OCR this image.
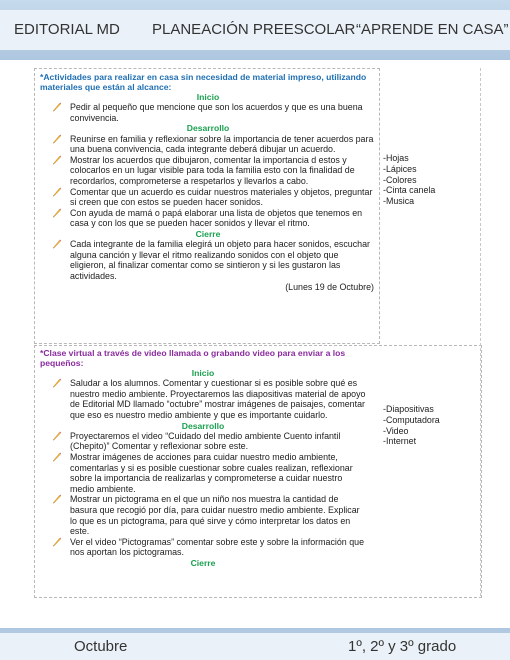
EDITORIAL MD PLANEACIÓN PREESCOLAR “APRENDE EN CASA”
*Actividades para realizar en casa sin necesidad de material impreso, utilizando materiales que están al alcance:
Inicio
Pedir al pequeño que mencione que son los acuerdos y que es una buena convivencia.
Desarrollo
Reunirse en familia y reflexionar sobre la importancia de tener acuerdos para una buena convivencia, cada integrante deberá dibujar un acuerdo.
Mostrar los acuerdos que dibujaron, comentar la importancia d estos y colocarlos en un lugar visible para toda la familia esto con la finalidad de recordarlos, comprometerse a respetarlos y llevarlos a cabo.
Comentar que un acuerdo es cuidar nuestros materiales y objetos, preguntar si creen que con estos se pueden hacer sonidos.
Con ayuda de mamá o papá elaborar una lista de objetos que tenemos en casa y con los que se pueden hacer sonidos y llevar el ritmo.
Cierre
Cada integrante de la familia elegirá un objeto para hacer sonidos, escuchar alguna canción y llevar el ritmo realizando sonidos con el objeto que eligieron, al finalizar comentar como se sintieron y si les gustaron las actividades.
(Lunes 19 de Octubre)
-Hojas
-Lápices
-Colores
-Cinta canela
-Musica
*Clase virtual a través de video llamada o grabando video para enviar a los pequeños:
Inicio
Saludar a los alumnos. Comentar y cuestionar si es posible sobre qué es nuestro medio ambiente. Proyectaremos las diapositivas material de apoyo de Editorial MD llamado “octubre” mostrar imágenes de paisajes, comentar que eso es nuestro medio ambiente y que es importante cuidarlo.
Desarrollo
Proyectaremos el video “Cuidado del medio ambiente Cuento infantil (Chepito)” Comentar y reflexionar sobre este.
Mostrar imágenes de acciones para cuidar nuestro medio ambiente, comentarlas y si es posible cuestionar sobre cuales realizan, reflexionar sobre la importancia de realizarlas y comprometerse a cuidar nuestro medio ambiente.
Mostrar un pictograma en el que un niño nos muestra la cantidad de basura que recogió por día, para cuidar nuestro medio ambiente. Explicar lo que es un pictograma, para qué sirve y cómo interpretar los datos en este.
Ver el video “Pictogramas” comentar sobre este y sobre la información que nos aportan los pictogramas.
Cierre
-Diapositivas
-Computadora
-Video
-Internet
Octubre	1º, 2º y 3º grado
